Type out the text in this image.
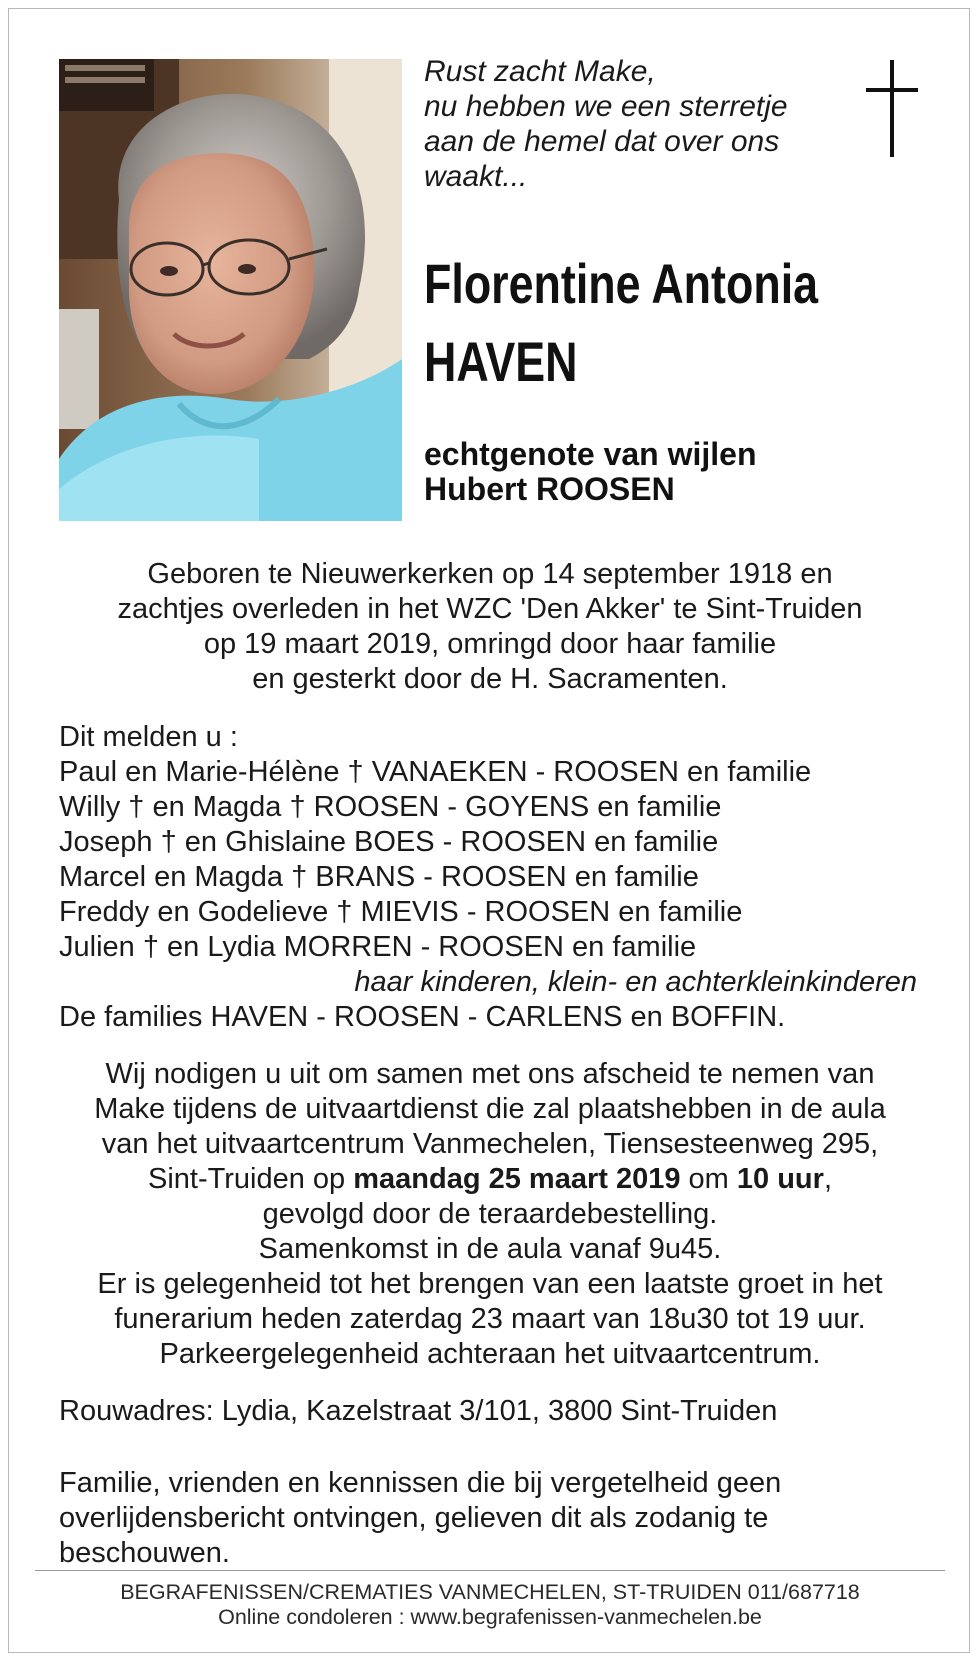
Rust zacht Make,
nu hebben we een sterretje
aan de hemel dat over ons
waakt...
Florentine Antonia
HAVEN
echtgenote van wijlen
Hubert ROOSEN
Geboren te Nieuwerkerken op 14 september 1918 en
zachtjes overleden in het WZC 'Den Akker' te Sint-Truiden
op 19 maart 2019, omringd door haar familie
en gesterkt door de H. Sacramenten.
Dit melden u :
Paul en Marie-Hélène † VANAEKEN - ROOSEN en familie
Willy † en Magda † ROOSEN - GOYENS en familie
Joseph † en Ghislaine BOES - ROOSEN en familie
Marcel en Magda † BRANS - ROOSEN en familie
Freddy en Godelieve † MIEVIS - ROOSEN en familie
Julien † en Lydia MORREN - ROOSEN en familie
haar kinderen, klein- en achterkleinkinderen
De families HAVEN - ROOSEN - CARLENS en BOFFIN.
Wij nodigen u uit om samen met ons afscheid te nemen van
Make tijdens de uitvaartdienst die zal plaatshebben in de aula
van het uitvaartcentrum Vanmechelen, Tiensesteenweg 295,
Sint-Truiden op maandag 25 maart 2019 om 10 uur,
gevolgd door de teraardebestelling.
Samenkomst in de aula vanaf 9u45.
Er is gelegenheid tot het brengen van een laatste groet in het
funerarium heden zaterdag 23 maart van 18u30 tot 19 uur.
Parkeergelegenheid achteraan het uitvaartcentrum.
Rouwadres: Lydia, Kazelstraat 3/101, 3800 Sint-Truiden
Familie, vrienden en kennissen die bij vergetelheid geen
overlijdensbericht ontvingen, gelieven dit als zodanig te
beschouwen.
BEGRAFENISSEN/CREMATIES VANMECHELEN, ST-TRUIDEN 011/687718
Online condoleren : www.begrafenissen-vanmechelen.be
